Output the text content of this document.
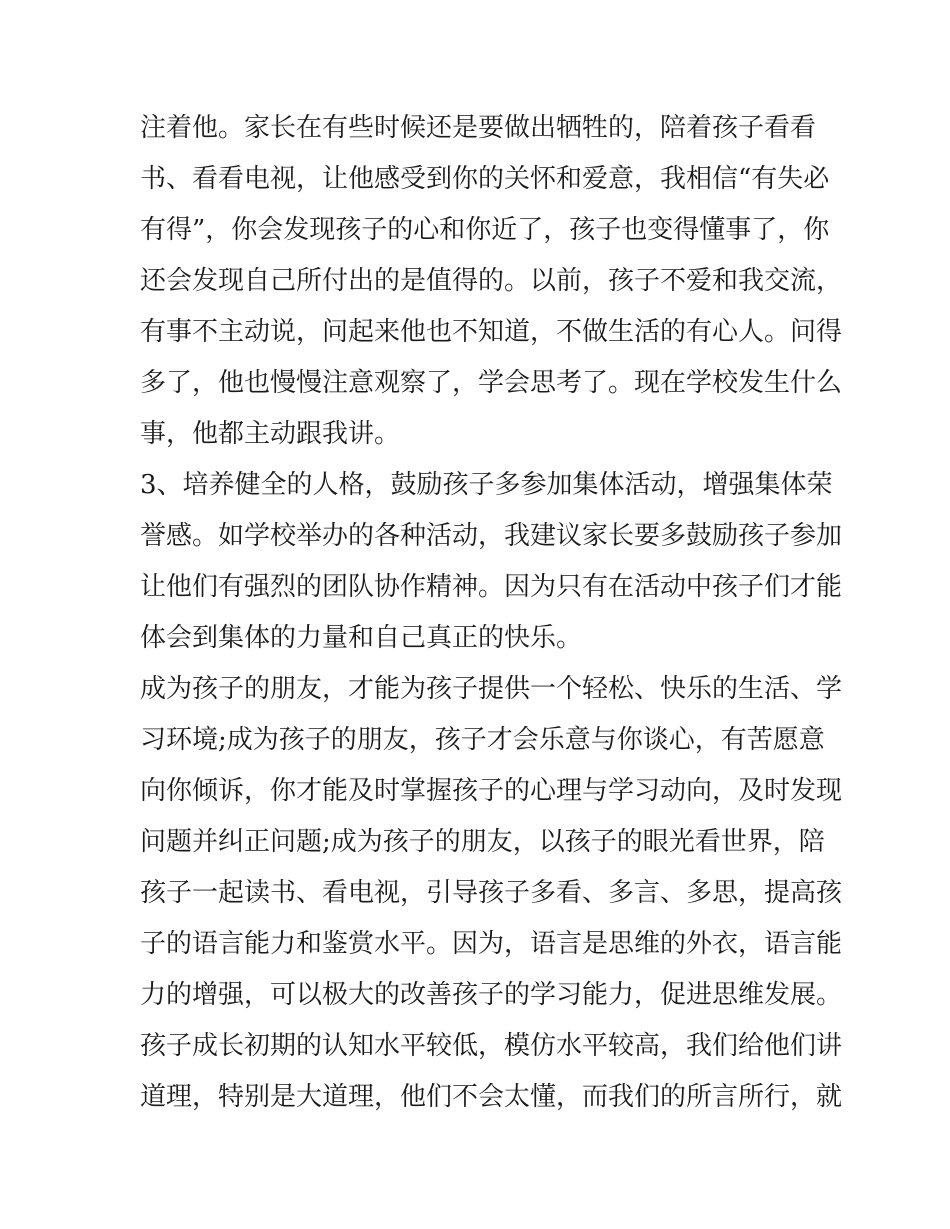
注着他。家长在有些时候还是要做出牺牲的，陪着孩子看看
书、看看电视，让他感受到你的关怀和爱意，我相信“有失必
有得”，你会发现孩子的心和你近了，孩子也变得懂事了，你
还会发现自己所付出的是值得的。以前，孩子不爱和我交流，
有事不主动说，问起来他也不知道，不做生活的有心人。问得
多了，他也慢慢注意观察了，学会思考了。现在学校发生什么
事，他都主动跟我讲。
3、培养健全的人格，鼓励孩子多参加集体活动，增强集体荣
誉感。如学校举办的各种活动，我建议家长要多鼓励孩子参加
让他们有强烈的团队协作精神。因为只有在活动中孩子们才能
体会到集体的力量和自己真正的快乐。
成为孩子的朋友，才能为孩子提供一个轻松、快乐的生活、学
习环境;成为孩子的朋友，孩子才会乐意与你谈心，有苦愿意
向你倾诉，你才能及时掌握孩子的心理与学习动向，及时发现
问题并纠正问题;成为孩子的朋友，以孩子的眼光看世界，陪
孩子一起读书、看电视，引导孩子多看、多言、多思，提高孩
子的语言能力和鉴赏水平。因为，语言是思维的外衣，语言能
力的增强，可以极大的改善孩子的学习能力，促进思维发展。
孩子成长初期的认知水平较低，模仿水平较高，我们给他们讲
道理，特别是大道理，他们不会太懂，而我们的所言所行，就
